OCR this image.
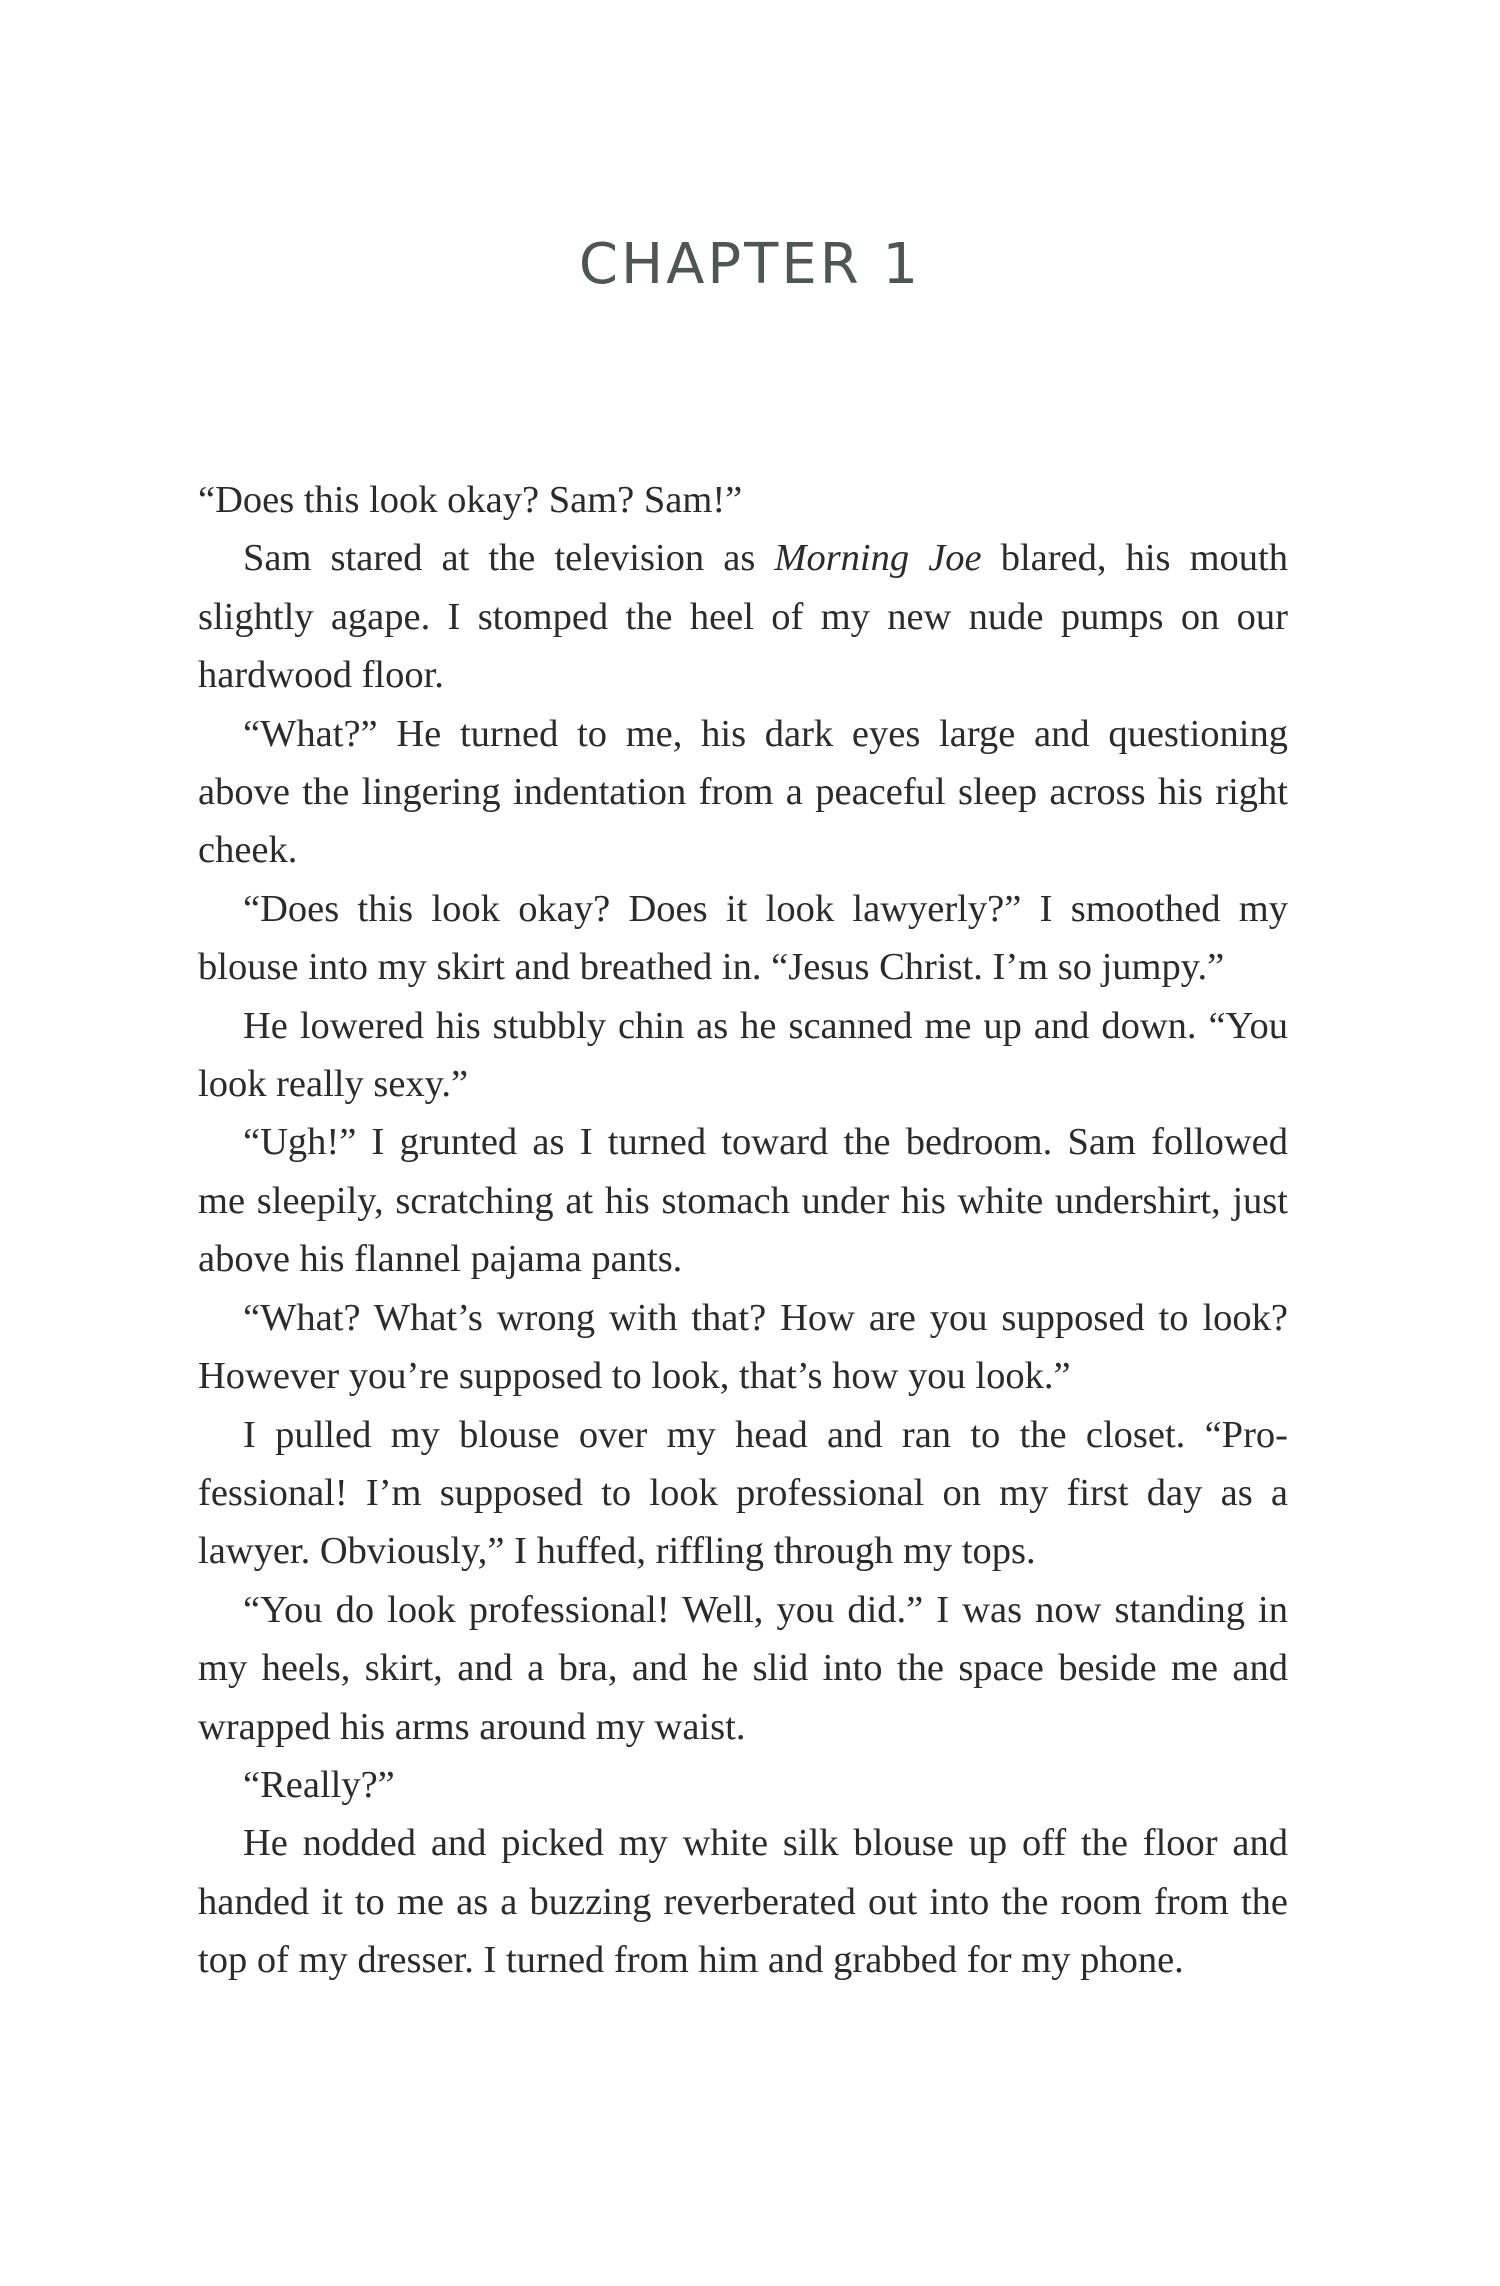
CHAPTER 1

“Does this look okay? Sam? Sam!”

Sam stared at the television as Morning Joe blared, his mouth slightly agape. I stomped the heel of my new nude pumps on our hardwood floor.

“What?” He turned to me, his dark eyes large and questioning above the lingering indentation from a peaceful sleep across his right cheek.

“Does this look okay? Does it look lawyerly?” I smoothed my blouse into my skirt and breathed in. “Jesus Christ. I’m so jumpy.”

He lowered his stubbly chin as he scanned me up and down. “You look really sexy.”

“Ugh!” I grunted as I turned toward the bedroom. Sam followed me sleepily, scratching at his stomach under his white undershirt, just above his flannel pajama pants.

“What? What’s wrong with that? How are you supposed to look? However you’re supposed to look, that’s how you look.”

I pulled my blouse over my head and ran to the closet. “Professional! I’m supposed to look professional on my first day as a lawyer. Obviously,” I huffed, riffling through my tops.

“You do look professional! Well, you did.” I was now standing in my heels, skirt, and a bra, and he slid into the space beside me and wrapped his arms around my waist.

“Really?”

He nodded and picked my white silk blouse up off the floor and handed it to me as a buzzing reverberated out into the room from the top of my dresser. I turned from him and grabbed for my phone.
